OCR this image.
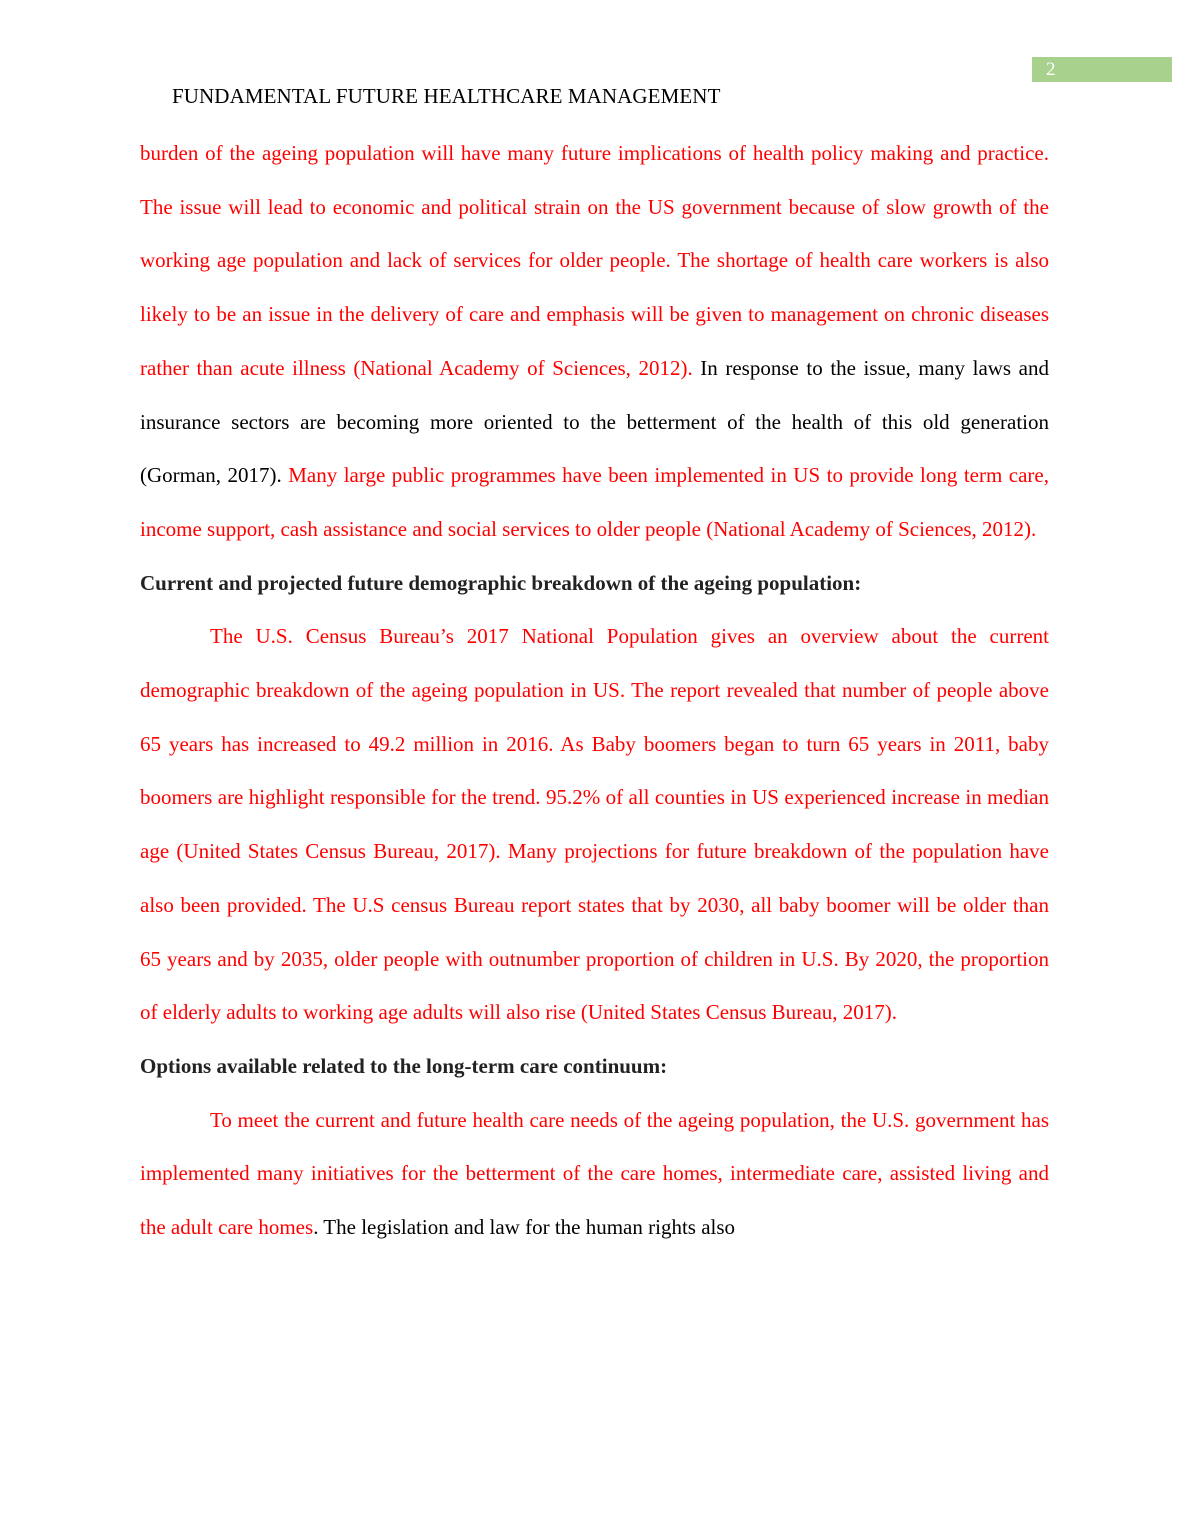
2
FUNDAMENTAL FUTURE HEALTHCARE MANAGEMENT

burden of the ageing population will have many future implications of health policy making and practice. The issue will lead to economic and political strain on the US government because of slow growth of the working age population and lack of services for older people. The shortage of health care workers is also likely to be an issue in the delivery of care and emphasis will be given to management on chronic diseases rather than acute illness (National Academy of Sciences, 2012). In response to the issue, many laws and insurance sectors are becoming more oriented to the betterment of the health of this old generation (Gorman, 2017). Many large public programmes have been implemented in US to provide long term care, income support, cash assistance and social services to older people (National Academy of Sciences, 2012).

Current and projected future demographic breakdown of the ageing population:

The U.S. Census Bureau’s 2017 National Population gives an overview about the current demographic breakdown of the ageing population in US. The report revealed that number of people above 65 years has increased to 49.2 million in 2016. As Baby boomers began to turn 65 years in 2011, baby boomers are highlight responsible for the trend. 95.2% of all counties in US experienced increase in median age (United States Census Bureau, 2017). Many projections for future breakdown of the population have also been provided. The U.S census Bureau report states that by 2030, all baby boomer will be older than 65 years and by 2035, older people with outnumber proportion of children in U.S. By 2020, the proportion of elderly adults to working age adults will also rise (United States Census Bureau, 2017).

Options available related to the long-term care continuum:

To meet the current and future health care needs of the ageing population, the U.S. government has implemented many initiatives for the betterment of the care homes, intermediate care, assisted living and the adult care homes. The legislation and law for the human rights also
